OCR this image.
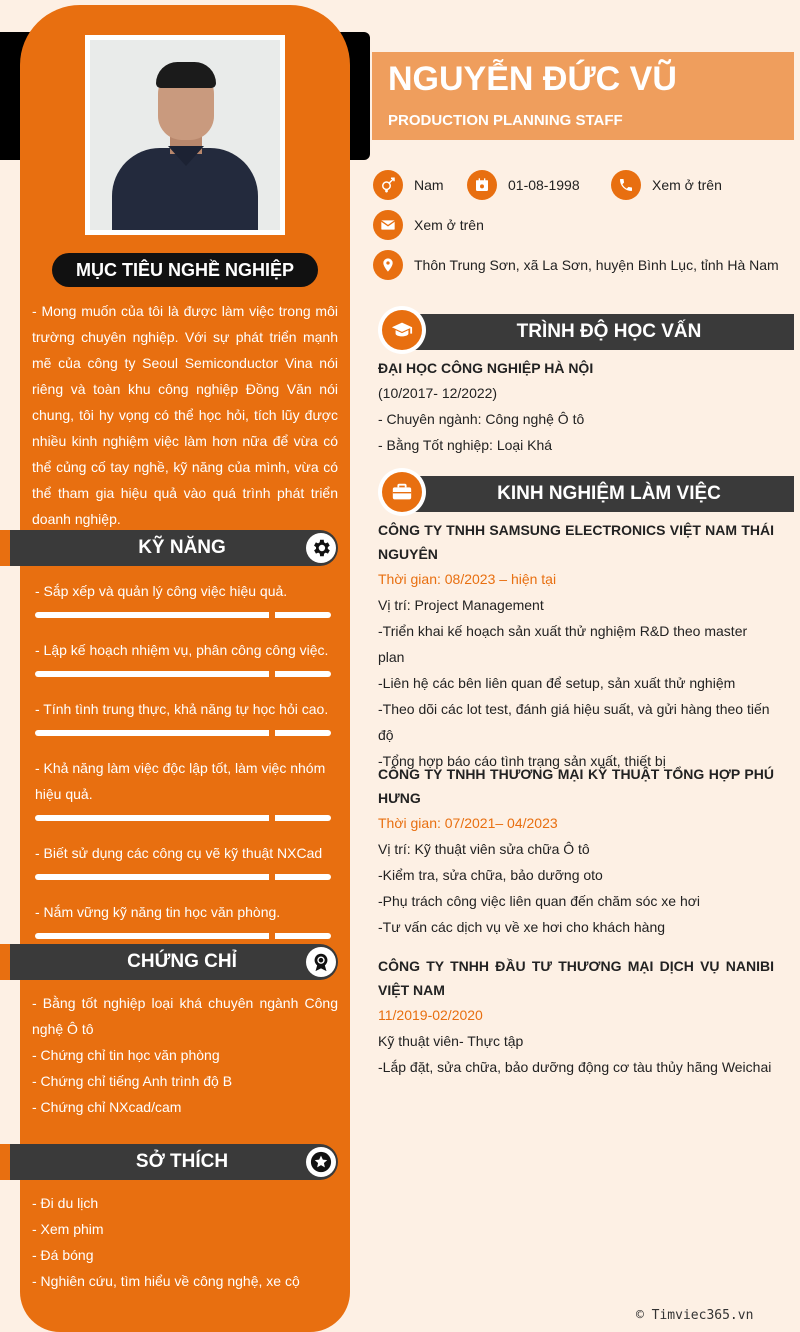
MỤC TIÊU NGHỀ NGHIỆP
- Mong muốn của tôi là được làm việc trong môi trường chuyên nghiệp. Với sự phát triển mạnh mẽ của công ty Seoul Semiconductor Vina nói riêng và toàn khu công nghiệp Đồng Văn nói chung, tôi hy vọng có thể học hỏi, tích lũy được nhiều kinh nghiệm việc làm hơn nữa để vừa có thể củng cố tay nghề, kỹ năng của mình, vừa có thể tham gia hiệu quả vào quá trình phát triển doanh nghiệp.
KỸ NĂNG
- Sắp xếp và quản lý công việc hiệu quả.
- Lập kế hoạch nhiệm vụ, phân công công việc.
- Tính tình trung thực, khả năng tự học hỏi cao.
- Khả năng làm việc độc lập tốt, làm việc nhóm hiệu quả.
- Biết sử dụng các công cụ vẽ kỹ thuật NXCad
- Nắm vững kỹ năng tin học văn phòng.
CHỨNG CHỈ
- Bằng tốt nghiệp loại khá chuyên ngành Công nghệ Ô tô
- Chứng chỉ tin học văn phòng
- Chứng chỉ tiếng Anh trình độ B
- Chứng chỉ NXcad/cam
SỞ THÍCH
- Đi du lịch
- Xem phim
- Đá bóng
- Nghiên cứu, tìm hiểu về công nghệ, xe cộ
NGUYỄN ĐỨC VŨ
PRODUCTION PLANNING STAFF
Nam	01-08-1998	Xem ở trên
Xem ở trên
Thôn Trung Sơn, xã La Sơn, huyện Bình Lục, tỉnh Hà Nam
TRÌNH ĐỘ HỌC VẤN
ĐẠI HỌC CÔNG NGHIỆP HÀ NỘI
(10/2017- 12/2022)
- Chuyên ngành: Công nghệ Ô tô
- Bằng Tốt nghiệp: Loại Khá
KINH NGHIỆM LÀM VIỆC
CÔNG TY TNHH SAMSUNG ELECTRONICS VIỆT NAM THÁI NGUYÊN
Thời gian: 08/2023 – hiện tại
Vị trí: Project Management
-Triển khai kế hoạch sản xuất thử nghiệm R&D theo master plan
-Liên hệ các bên liên quan để setup, sản xuất thử nghiệm
-Theo dõi các lot test, đánh giá hiệu suất, và gửi hàng theo tiến độ
-Tổng hợp báo cáo tình trạng sản xuất, thiết bị
CÔNG TY TNHH THƯƠNG MẠI KỸ THUẬT TỔNG HỢP PHÚ HƯNG
Thời gian: 07/2021– 04/2023
Vị trí: Kỹ thuật viên sửa chữa Ô tô
-Kiểm tra, sửa chữa, bảo dưỡng oto
-Phụ trách công việc liên quan đến chăm sóc xe hơi
-Tư vấn các dịch vụ về xe hơi cho khách hàng
CÔNG TY TNHH ĐẦU TƯ THƯƠNG MẠI DỊCH VỤ NANIBI VIỆT NAM
11/2019-02/2020
Kỹ thuật viên- Thực tập
-Lắp đặt, sửa chữa, bảo dưỡng động cơ tàu thủy hãng Weichai
© Timviec365.vn
